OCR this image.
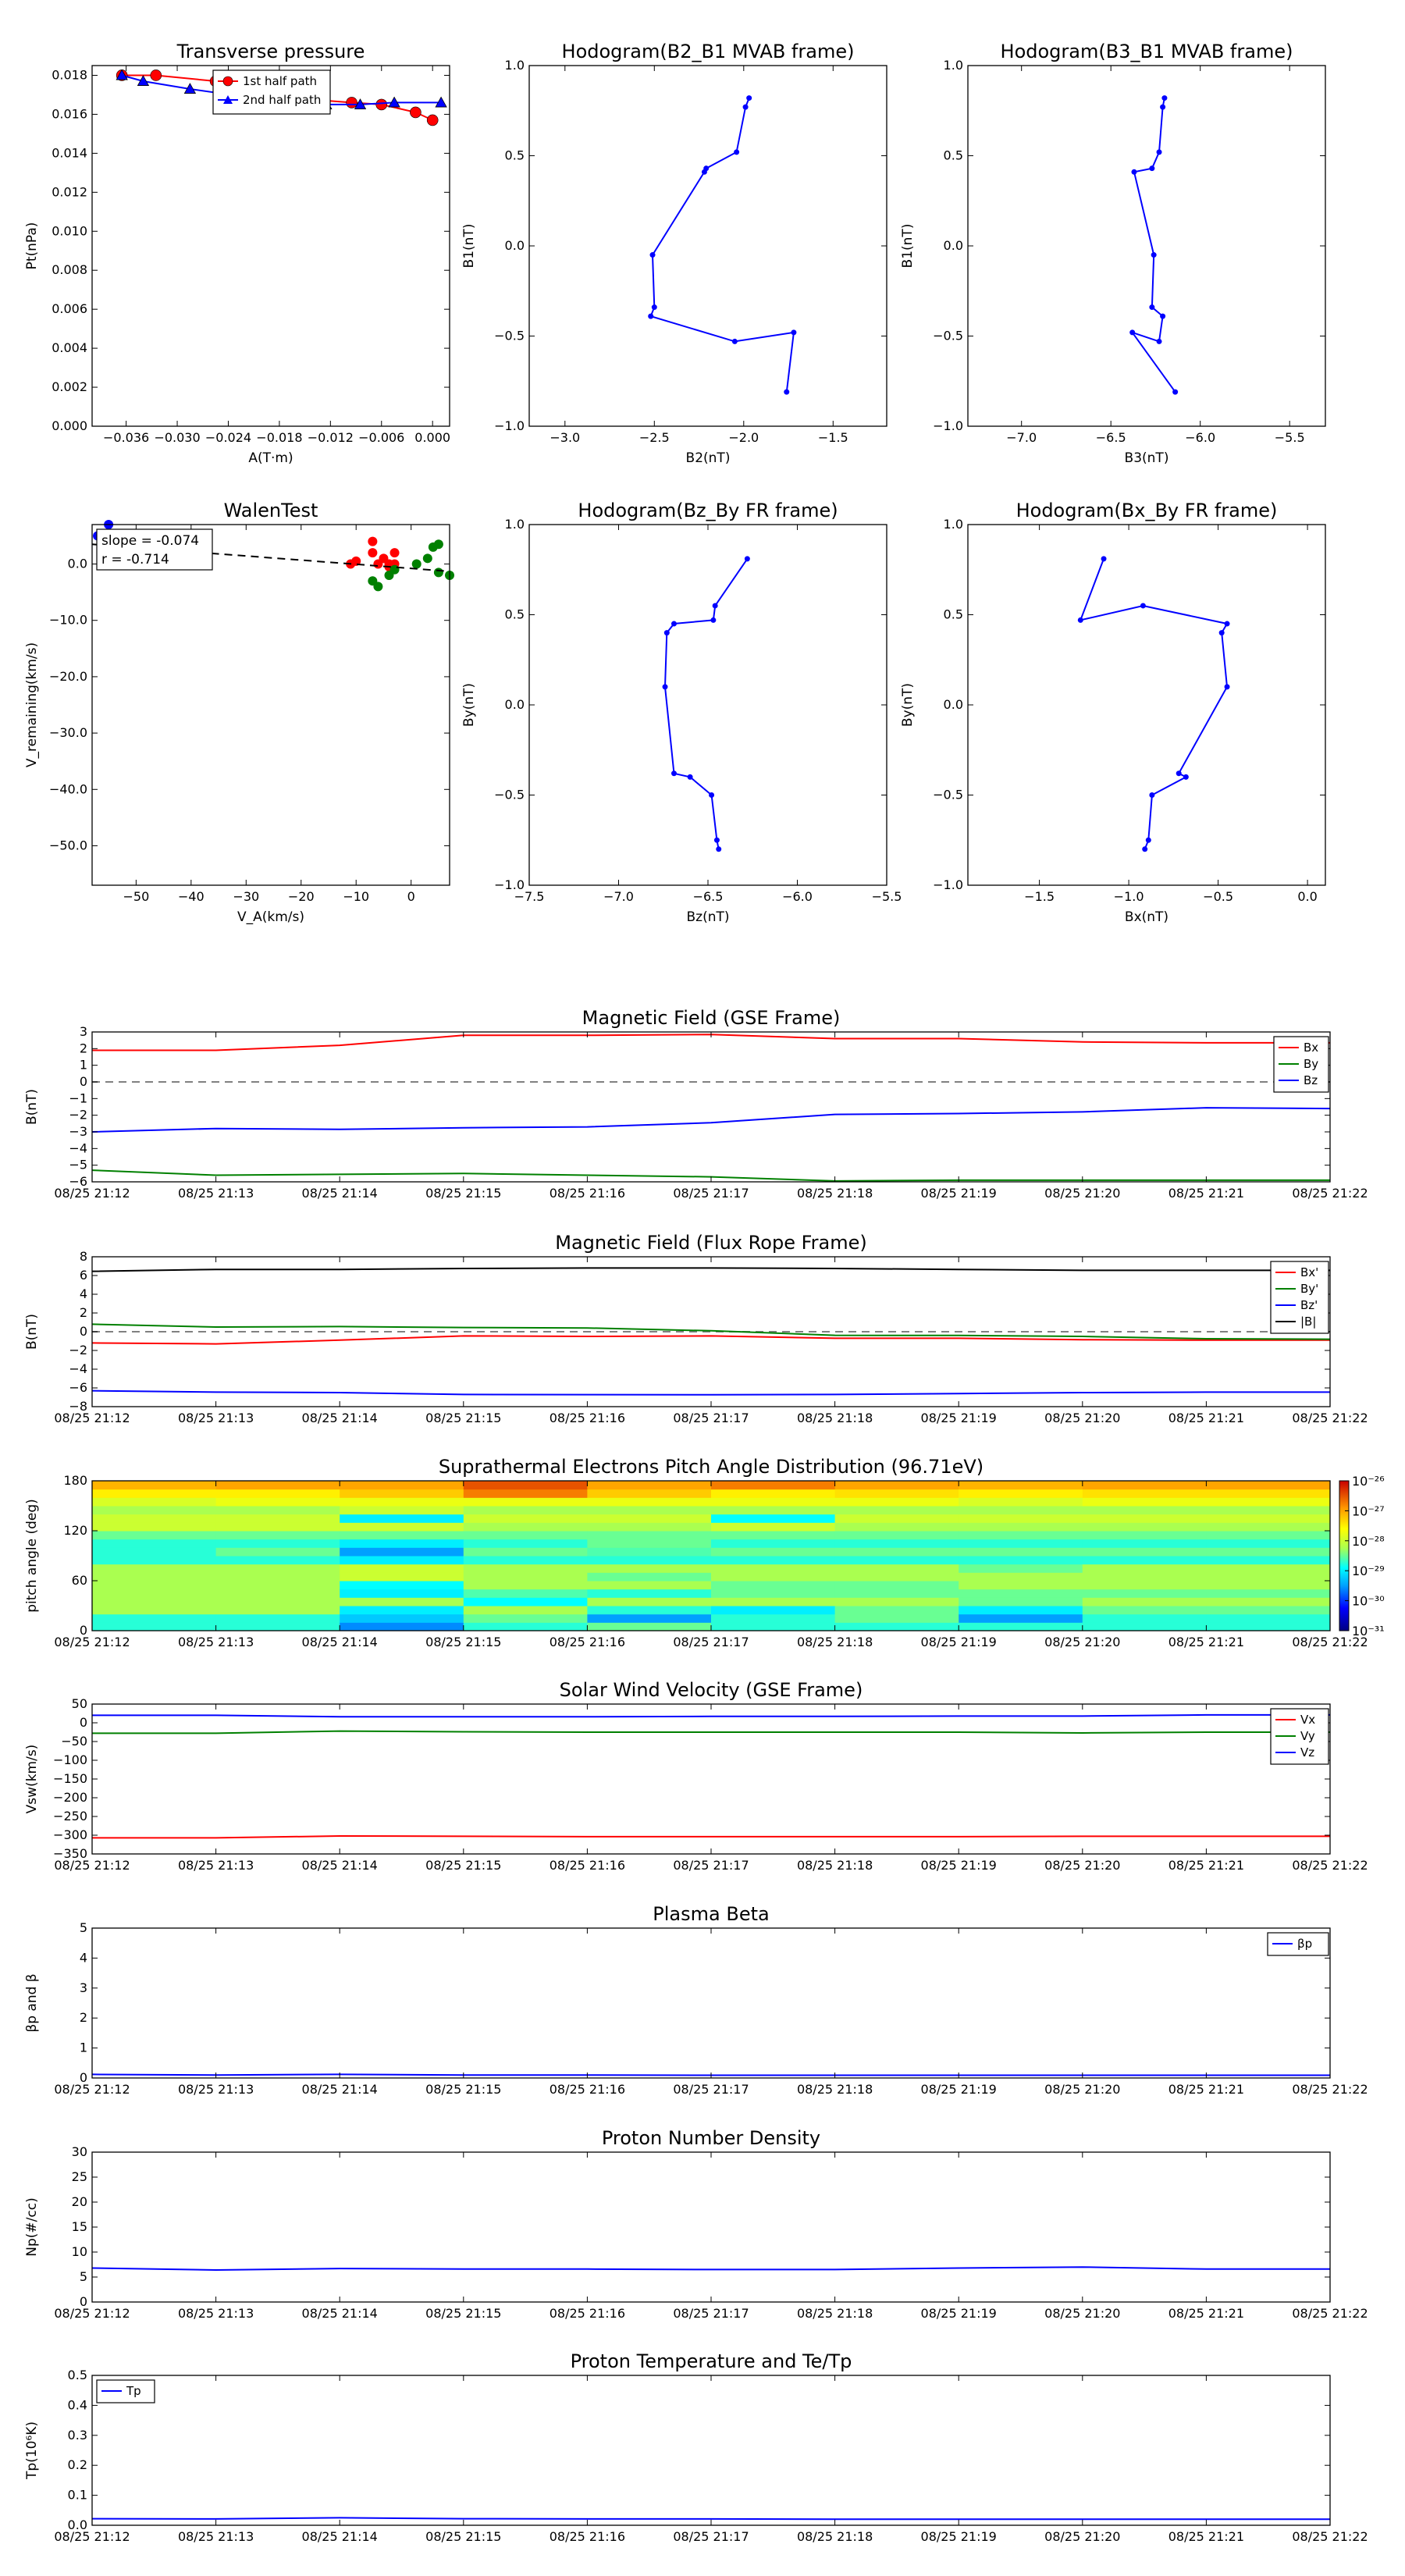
0.000
0.002
0.004
0.006
0.008
0.010
0.012
0.014
0.016
0.018
−0.036 −0.030 −0.024 −0.018 −0.012 −0.006 0.000
Transverse pressure
A(T·m)
Pt(nPa)
1st half path
2nd half path
−1.0
−0.5
0.0
0.5
1.0
−3.0	−2.5	−2.0	−1.5
Hodogram(B2_B1 MVAB frame)
B2(nT)
B1(nT)
−1.0
−0.5
0.0
0.5
1.0
−7.0	−6.5	−6.0	−5.5
Hodogram(B3_B1 MVAB frame)
B3(nT)
B1(nT)
−50.0
−40.0
−30.0
−20.0
−10.0
0.0
−50 −40 −30 −20 −10	0
WalenTest
V_A(km/s)
V_remaining(km/s)
slope = -0.074
r = -0.714
−1.0
−0.5
0.0
0.5
1.0
−7.5	−7.0	−6.5	−6.0	−5.5
Hodogram(Bz_By FR frame)
Bz(nT)
By(nT)
−1.0
−0.5
0.0
0.5
1.0
−1.5	−1.0	−0.5	0.0
Hodogram(Bx_By FR frame)
Bx(nT)
By(nT)
−6
−5
−4
−3
−2
−1
0
1
2
3
08/25 21:12	08/25 21:13	08/25 21:14	08/25 21:15	08/25 21:16	08/25 21:17	08/25 21:18	08/25 21:19	08/25 21:20	08/25 21:21	08/25 21:22
Magnetic Field (GSE Frame)
B(nT)
Bx
By
Bz
−8
−6
−4
−2
0
2
4
6
8
08/25 21:12	08/25 21:13	08/25 21:14	08/25 21:15	08/25 21:16	08/25 21:17	08/25 21:18	08/25 21:19	08/25 21:20	08/25 21:21	08/25 21:22
Magnetic Field (Flux Rope Frame)
B(nT)
Bx'
By'
Bz'
|B|
0
60
120
180
08/25 21:12	08/25 21:13	08/25 21:14	08/25 21:15	08/25 21:16	08/25 21:17	08/25 21:18	08/25 21:19	08/25 21:20	08/25 21:21	08/25 21:22
Suprathermal Electrons Pitch Angle Distribution (96.71eV)
pitch angle (deg)
10⁻²⁶
10⁻²⁷
10⁻²⁸
10⁻²⁹
10⁻³⁰
10⁻³¹
−350
−300
−250
−200
−150
−100
−50
0
50
08/25 21:12	08/25 21:13	08/25 21:14	08/25 21:15	08/25 21:16	08/25 21:17	08/25 21:18	08/25 21:19	08/25 21:20	08/25 21:21	08/25 21:22
Solar Wind Velocity (GSE Frame)
Vsw(km/s)
Vx
Vy
Vz
0
1
2
3
4
5
08/25 21:12	08/25 21:13	08/25 21:14	08/25 21:15	08/25 21:16	08/25 21:17	08/25 21:18	08/25 21:19	08/25 21:20	08/25 21:21	08/25 21:22
Plasma Beta
βp and β
βp
0
5
10
15
20
25
30
08/25 21:12	08/25 21:13	08/25 21:14	08/25 21:15	08/25 21:16	08/25 21:17	08/25 21:18	08/25 21:19	08/25 21:20	08/25 21:21	08/25 21:22
Proton Number Density
Np(#/cc)
0.0
0.1
0.2
0.3
0.4
0.5
08/25 21:12	08/25 21:13	08/25 21:14	08/25 21:15	08/25 21:16	08/25 21:17	08/25 21:18	08/25 21:19	08/25 21:20	08/25 21:21	08/25 21:22
Proton Temperature and Te/Tp
Tp(10⁶K)
Tp
